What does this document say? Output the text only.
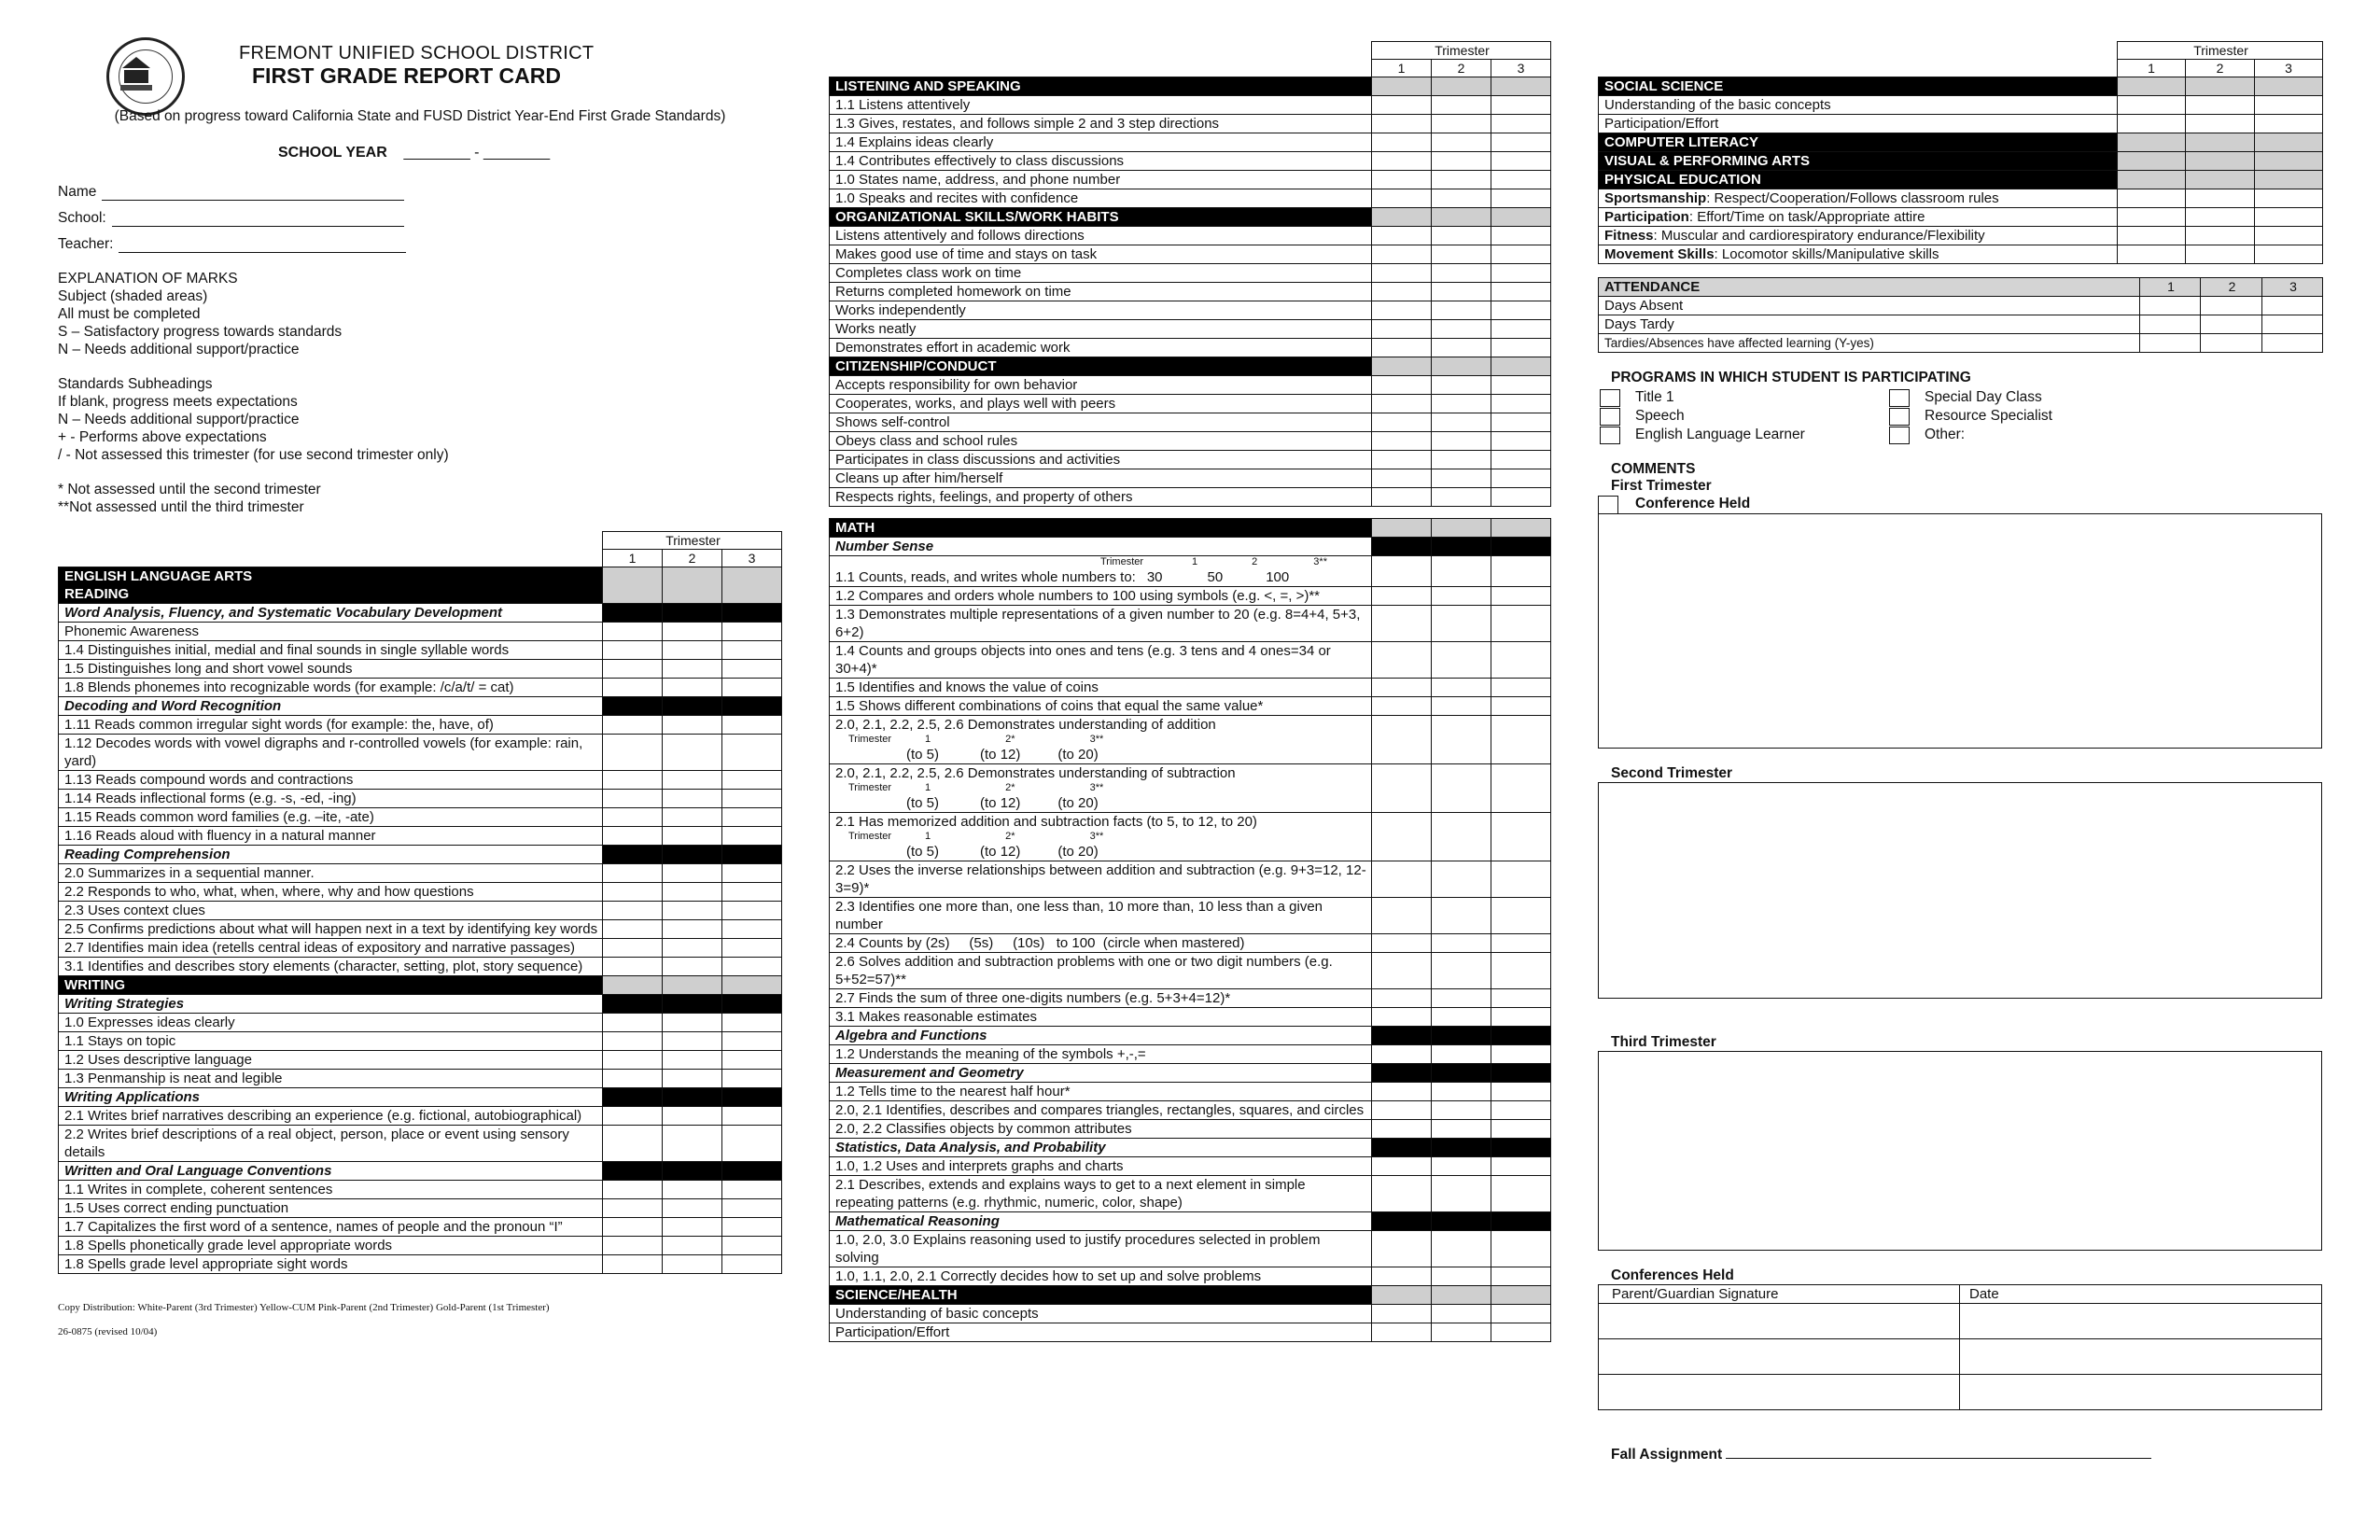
FREMONT UNIFIED SCHOOL DISTRICT
FIRST GRADE REPORT CARD
(Based on progress toward California State and FUSD District Year-End First Grade Standards)
SCHOOL YEAR ________ - ________
Name
School:
Teacher:
EXPLANATION OF MARKS
Subject (shaded areas)
All must be completed
S – Satisfactory progress towards standards
N – Needs additional support/practice
Standards Subheadings
If blank, progress meets expectations
N – Needs additional support/practice
+ - Performs above expectations
/ - Not assessed this trimester (for use second trimester only)
* Not assessed until the second trimester
**Not assessed until the third trimester
	Trimester		
	1	2	3
ENGLISH LANGUAGE ARTS
READING			
Word Analysis, Fluency, and Systematic Vocabulary Development			
Phonemic Awareness			
1.4 Distinguishes initial, medial and final sounds in single syllable words			
1.5 Distinguishes long and short vowel sounds			
1.8 Blends phonemes into recognizable words (for example: /c/a/t/ = cat)			
Decoding and Word Recognition			
1.11 Reads common irregular sight words (for example: the, have, of)			
1.12 Decodes words with vowel digraphs and r-controlled vowels (for example: rain, yard)			
1.13 Reads compound words and contractions			
1.14 Reads inflectional forms (e.g. -s, -ed, -ing)			
1.15 Reads common word families (e.g. –ite, -ate)			
1.16 Reads aloud with fluency in a natural manner			
Reading Comprehension			
2.0 Summarizes in a sequential manner.			
2.2 Responds to who, what, when, where, why and how questions			
2.3 Uses context clues			
2.5 Confirms predictions about what will happen next in a text by identifying key words			
2.7 Identifies main idea (retells central ideas of expository and narrative passages)			
3.1 Identifies and describes story elements (character, setting, plot, story sequence)			
WRITING			
Writing Strategies			
1.0 Expresses ideas clearly			
1.1 Stays on topic			
1.2 Uses descriptive language			
1.3 Penmanship is neat and legible			
Writing Applications			
2.1 Writes brief narratives describing an experience (e.g. fictional, autobiographical)			
2.2 Writes brief descriptions of a real object, person, place or event using sensory details			
Written and Oral Language Conventions			
1.1 Writes in complete, coherent sentences			
1.5 Uses correct ending punctuation			
1.7 Capitalizes the first word of a sentence, names of people and the pronoun “I”			
1.8 Spells phonetically grade level appropriate words			
1.8 Spells grade level appropriate sight words			
Copy Distribution: White-Parent (3rd Trimester) Yellow-CUM Pink-Parent (2nd Trimester) Gold-Parent (1st Trimester)
26-0875 (revised 10/04)
	Trimester		
	1	2	3
LISTENING AND SPEAKING			
1.1 Listens attentively			
1.3 Gives, restates, and follows simple 2 and 3 step directions			
1.4 Explains ideas clearly			
1.4 Contributes effectively to class discussions			
1.0 States name, address, and phone number			
1.0 Speaks and recites with confidence			
ORGANIZATIONAL SKILLS/WORK HABITS			
Listens attentively and follows directions			
Makes good use of time and stays on task			
Completes class work on time			
Returns completed homework on time			
Works independently			
Works neatly			
Demonstrates effort in academic work			
CITIZENSHIP/CONDUCT			
Accepts responsibility for own behavior			
Cooperates, works, and plays well with peers			
Shows self-control			
Obeys class and school rules			
Participates in class discussions and activities			
Cleans up after him/herself			
Respects rights, feelings, and property of others			
MATH			
Number Sense			

Trimester 1 2 3**
1.1 Counts, reads, and writes whole numbers to: 30 50 100			

1.2 Compares and orders whole numbers to 100 using symbols (e.g. <, =, >)**			
1.3 Demonstrates multiple representations of a given number to 20 (e.g. 8=4+4, 5+3, 6+2)			
1.4 Counts and groups objects into ones and tens (e.g. 3 tens and 4 ones=34 or 30+4)*			
1.5 Identifies and knows the value of coins			
1.5 Shows different combinations of coins that equal the same value*			

2.0, 2.1, 2.2, 2.5, 2.6 Demonstrates understanding of addition
Trimester 1 2* 3**
(to 5) (to 12) (to 20)			

2.0, 2.1, 2.2, 2.5, 2.6 Demonstrates understanding of subtraction
Trimester 1 2* 3**
(to 5) (to 12) (to 20)			

2.1 Has memorized addition and subtraction facts (to 5, to 12, to 20)
Trimester 1 2* 3**
(to 5) (to 12) (to 20)			

2.2 Uses the inverse relationships between addition and subtraction (e.g. 9+3=12, 12-3=9)*			
2.3 Identifies one more than, one less than, 10 more than, 10 less than a given number			
2.4 Counts by (2s)     (5s)     (10s)   to 100  (circle when mastered)			
2.6 Solves addition and subtraction problems with one or two digit numbers (e.g. 5+52=57)**			
2.7 Finds the sum of three one-digits numbers (e.g. 5+3+4=12)*			
3.1 Makes reasonable estimates			
Algebra and Functions			
1.2 Understands the meaning of the symbols +,-,=			
Measurement and Geometry			
1.2 Tells time to the nearest half hour*			
2.0, 2.1 Identifies, describes and compares triangles, rectangles, squares, and circles			
2.0, 2.2 Classifies objects by common attributes			
Statistics, Data Analysis, and Probability			
1.0, 1.2 Uses and interprets graphs and charts			
2.1 Describes, extends and explains ways to get to a next element in simple repeating patterns (e.g. rhythmic, numeric, color, shape)			
Mathematical Reasoning			
1.0, 2.0, 3.0 Explains reasoning used to justify procedures selected in problem solving			
1.0, 1.1, 2.0, 2.1 Correctly decides how to set up and solve problems			
SCIENCE/HEALTH			
Understanding of basic concepts			
Participation/Effort			
	Trimester		
	1	2	3
SOCIAL SCIENCE			
Understanding of the basic concepts			
Participation/Effort			
COMPUTER LITERACY			
VISUAL & PERFORMING ARTS			
PHYSICAL EDUCATION			
Sportsmanship: Respect/Cooperation/Follows classroom rules			
Participation: Effort/Time on task/Appropriate attire			
Fitness: Muscular and cardiorespiratory endurance/Flexibility			
Movement Skills: Locomotor skills/Manipulative skills			
ATTENDANCE	1	2	3
Days Absent			
Days Tardy			
Tardies/Absences have affected learning (Y-yes)			
PROGRAMS IN WHICH STUDENT IS PARTICIPATING
Title 1
Speech
English Language Learner
Special Day Class
Resource Specialist
Other:
COMMENTS
First Trimester
Conference Held
Second Trimester
Third Trimester
Conferences Held
Parent/Guardian Signature	Date

Fall Assignment
